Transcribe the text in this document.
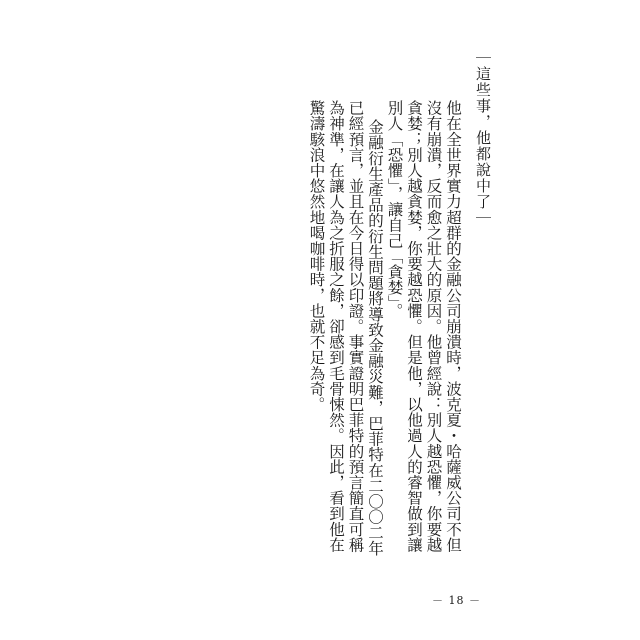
｜這些事，他都說中了｜

他在全世界實力超群的金融公司崩潰時，波克夏・哈薩威公司不但沒有崩潰，反而愈之壯大的原因。他曾經說：別人越恐懼，你要越貪婪；別人越貪婪，你要越恐懼。但是他，以他過人的睿智做到讓別人「恐懼」，讓自己「貪婪」。

金融衍生產品的衍生問題將導致金融災難，巴菲特在二〇〇二年已經預言，並且在今日得以印證。事實證明巴菲特的預言簡直可稱為神準，在讓人為之折服之餘，卻感到毛骨悚然。因此，看到他在驚濤駭浪中悠然地喝咖啡時，也就不足為奇。

－ 18 －
